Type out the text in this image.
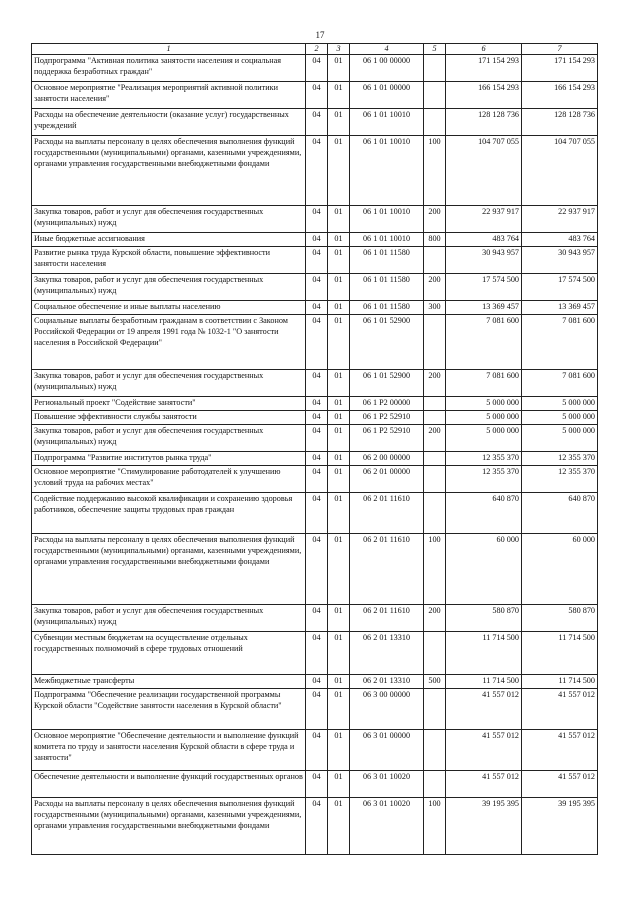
17
1	2	3	4	5	6	7
Подпрограмма "Активная политика занятости населения и социальная поддержка безработных граждан"	04	01	06 1 00 00000		171 154 293	171 154 293
Основное мероприятие "Реализация мероприятий активной политики занятости населения"	04	01	06 1 01 00000		166 154 293	166 154 293
Расходы на обеспечение деятельности (оказание услуг) государственных учреждений	04	01	06 1 01 10010		128 128 736	128 128 736
Расходы на выплаты персоналу в целях обеспечения выполнения функций государственными (муниципальными) органами, казенными учреждениями, органами управления государственными внебюджетными фондами	04	01	06 1 01 10010	100	104 707 055	104 707 055
Закупка товаров, работ и услуг для обеспечения государственных (муниципальных) нужд	04	01	06 1 01 10010	200	22 937 917	22 937 917
Иные бюджетные ассигнования	04	01	06 1 01 10010	800	483 764	483 764
Развитие рынка труда Курской области, повышение эффективности занятости населения	04	01	06 1 01 11580		30 943 957	30 943 957
Закупка товаров, работ и услуг для обеспечения государственных (муниципальных) нужд	04	01	06 1 01 11580	200	17 574 500	17 574 500
Социальное обеспечение и иные выплаты населению	04	01	06 1 01 11580	300	13 369 457	13 369 457
Социальные выплаты безработным гражданам в соответствии с Законом Российской Федерации от 19 апреля 1991 года № 1032-1 "О занятости населения в Российской Федерации"	04	01	06 1 01 52900		7 081 600	7 081 600
Закупка товаров, работ и услуг для обеспечения государственных (муниципальных) нужд	04	01	06 1 01 52900	200	7 081 600	7 081 600
Региональный проект "Содействие занятости"	04	01	06 1 P2 00000		5 000 000	5 000 000
Повышение эффективности службы занятости	04	01	06 1 P2 52910		5 000 000	5 000 000
Закупка товаров, работ и услуг для обеспечения государственных (муниципальных) нужд	04	01	06 1 P2 52910	200	5 000 000	5 000 000
Подпрограмма "Развитие институтов рынка труда"	04	01	06 2 00 00000		12 355 370	12 355 370
Основное мероприятие "Стимулирование работодателей к улучшению условий труда на рабочих местах"	04	01	06 2 01 00000		12 355 370	12 355 370
Содействие поддержанию высокой квалификации и сохранению здоровья работников, обеспечение защиты трудовых прав граждан	04	01	06 2 01 11610		640 870	640 870
Расходы на выплаты персоналу в целях обеспечения выполнения функций государственными (муниципальными) органами, казенными учреждениями, органами управления государственными внебюджетными фондами	04	01	06 2 01 11610	100	60 000	60 000
Закупка товаров, работ и услуг для обеспечения государственных (муниципальных) нужд	04	01	06 2 01 11610	200	580 870	580 870
Субвенции местным бюджетам на осуществление отдельных государственных полномочий в сфере трудовых отношений	04	01	06 2 01 13310		11 714 500	11 714 500
Межбюджетные трансферты	04	01	06 2 01 13310	500	11 714 500	11 714 500
Подпрограмма "Обеспечение реализации государственной программы Курской области "Содействие занятости населения в Курской области"	04	01	06 3 00 00000		41 557 012	41 557 012
Основное мероприятие "Обеспечение деятельности и выполнение функций комитета по труду и занятости населения Курской области в сфере труда и занятости"	04	01	06 3 01 00000		41 557 012	41 557 012
Обеспечение деятельности и выполнение функций государственных органов	04	01	06 3 01 10020		41 557 012	41 557 012
Расходы на выплаты персоналу в целях обеспечения выполнения функций государственными (муниципальными) органами, казенными учреждениями, органами управления государственными внебюджетными фондами	04	01	06 3 01 10020	100	39 195 395	39 195 395
